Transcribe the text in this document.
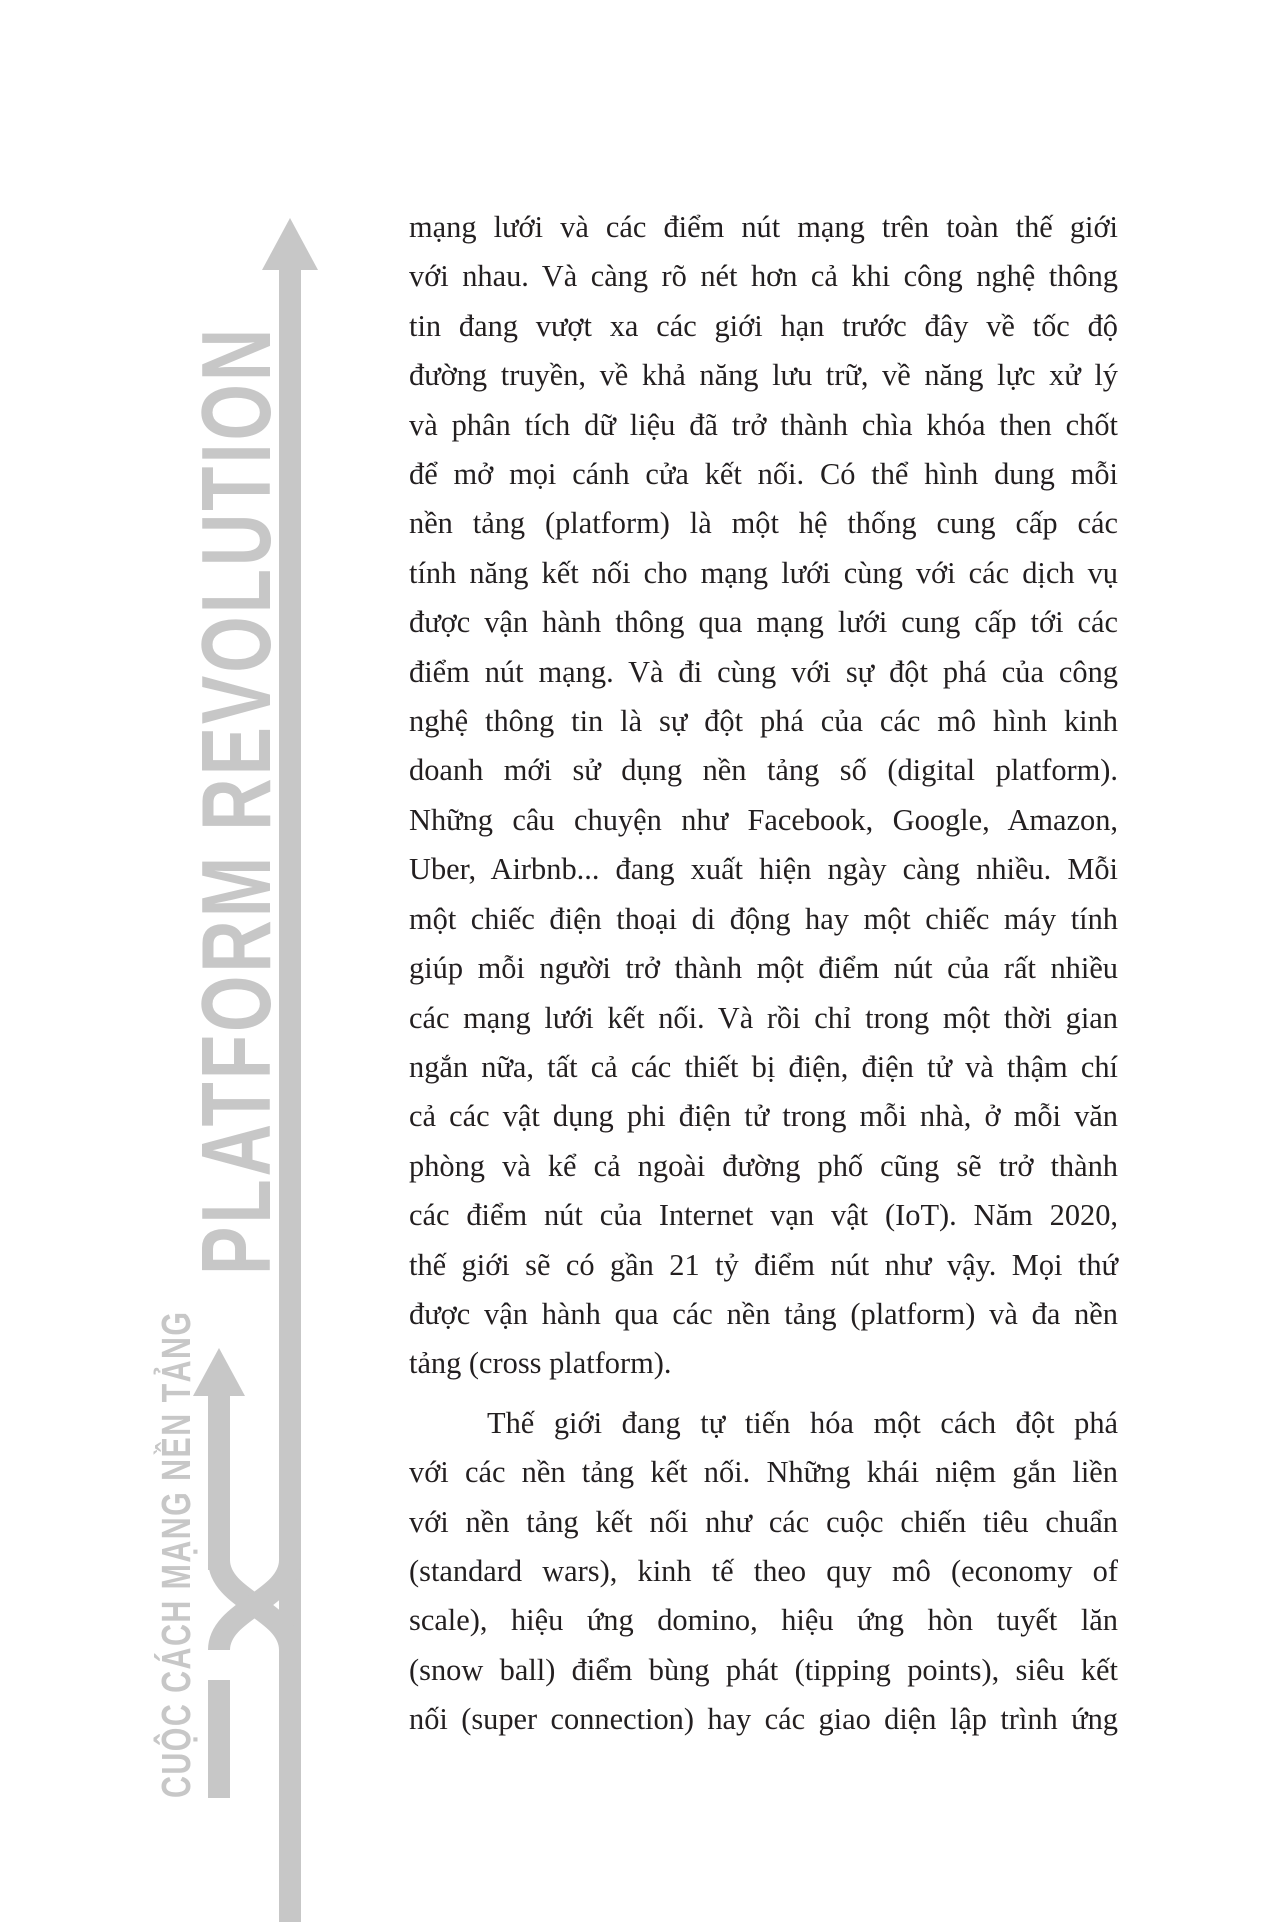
PLATFORM REVOLUTION
CUỘC CÁCH MẠNG NỀN TẢNG
mạng lưới và các điểm nút mạng trên toàn thế giới
với nhau. Và càng rõ nét hơn cả khi công nghệ thông
tin đang vượt xa các giới hạn trước đây về tốc độ
đường truyền, về khả năng lưu trữ, về năng lực xử lý
và phân tích dữ liệu đã trở thành chìa khóa then chốt
để mở mọi cánh cửa kết nối. Có thể hình dung mỗi
nền tảng (platform) là một hệ thống cung cấp các
tính năng kết nối cho mạng lưới cùng với các dịch vụ
được vận hành thông qua mạng lưới cung cấp tới các
điểm nút mạng. Và đi cùng với sự đột phá của công
nghệ thông tin là sự đột phá của các mô hình kinh
doanh mới sử dụng nền tảng số (digital platform).
Những câu chuyện như Facebook, Google, Amazon,
Uber, Airbnb... đang xuất hiện ngày càng nhiều. Mỗi
một chiếc điện thoại di động hay một chiếc máy tính
giúp mỗi người trở thành một điểm nút của rất nhiều
các mạng lưới kết nối. Và rồi chỉ trong một thời gian
ngắn nữa, tất cả các thiết bị điện, điện tử và thậm chí
cả các vật dụng phi điện tử trong mỗi nhà, ở mỗi văn
phòng và kể cả ngoài đường phố cũng sẽ trở thành
các điểm nút của Internet vạn vật (IoT). Năm 2020,
thế giới sẽ có gần 21 tỷ điểm nút như vậy. Mọi thứ
được vận hành qua các nền tảng (platform) và đa nền
tảng (cross platform).
Thế giới đang tự tiến hóa một cách đột phá
với các nền tảng kết nối. Những khái niệm gắn liền
với nền tảng kết nối như các cuộc chiến tiêu chuẩn
(standard wars), kinh tế theo quy mô (economy of
scale), hiệu ứng domino, hiệu ứng hòn tuyết lăn
(snow ball) điểm bùng phát (tipping points), siêu kết
nối (super connection) hay các giao diện lập trình ứng
